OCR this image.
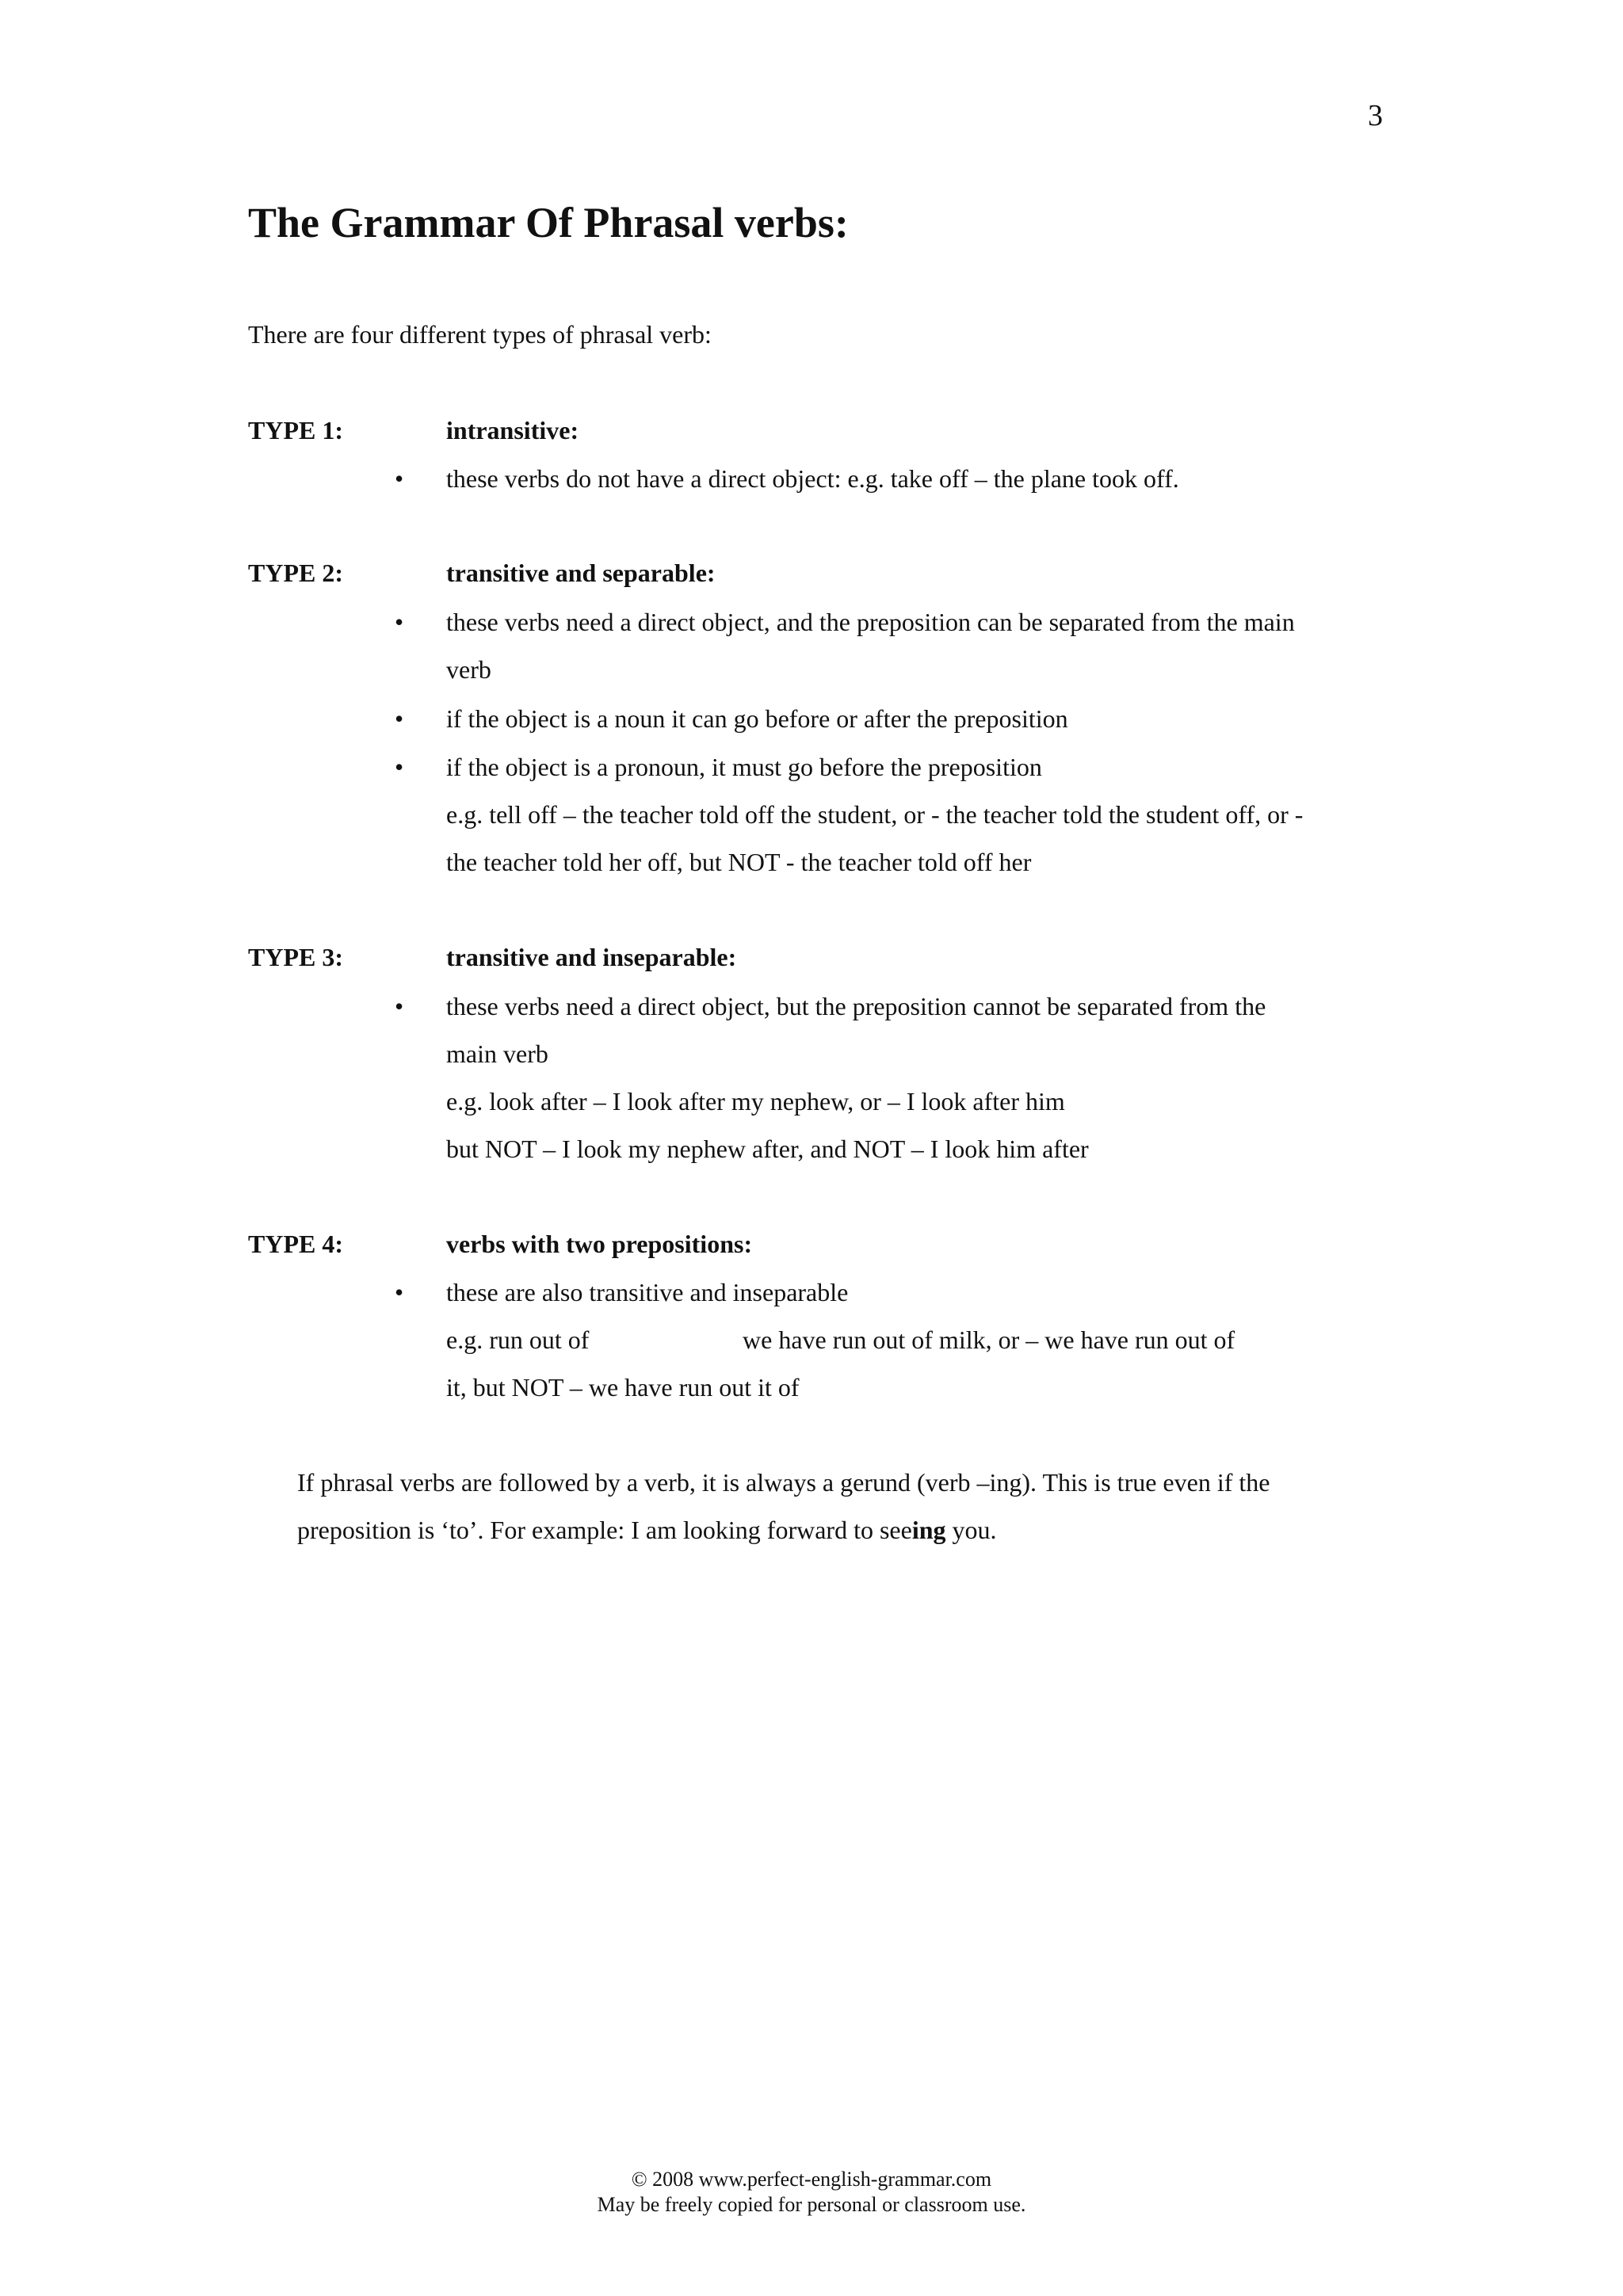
3
The Grammar Of Phrasal verbs:
There are four different types of phrasal verb:
TYPE 1:	intransitive:
• these verbs do not have a direct object: e.g. take off – the plane took off.
TYPE 2:	transitive and separable:
• these verbs need a direct object, and the preposition can be separated from the main
verb
• if the object is a noun it can go before or after the preposition
• if the object is a pronoun, it must go before the preposition
e.g. tell off – the teacher told off the student, or - the teacher told the student off, or -
the teacher told her off, but NOT - the teacher told off her
TYPE 3:	transitive and inseparable:
• these verbs need a direct object, but the preposition cannot be separated from the
main verb
e.g. look after – I look after my nephew, or – I look after him
but NOT – I look my nephew after, and NOT – I look him after
TYPE 4:	verbs with two prepositions:
• these are also transitive and inseparable
e.g. run out of	we have run out of milk, or – we have run out of
it, but NOT – we have run out it of
If phrasal verbs are followed by a verb, it is always a gerund (verb –ing). This is true even if the
preposition is ‘to’. For example: I am looking forward to seeing you.
© 2008 www.perfect-english-grammar.com
May be freely copied for personal or classroom use.
